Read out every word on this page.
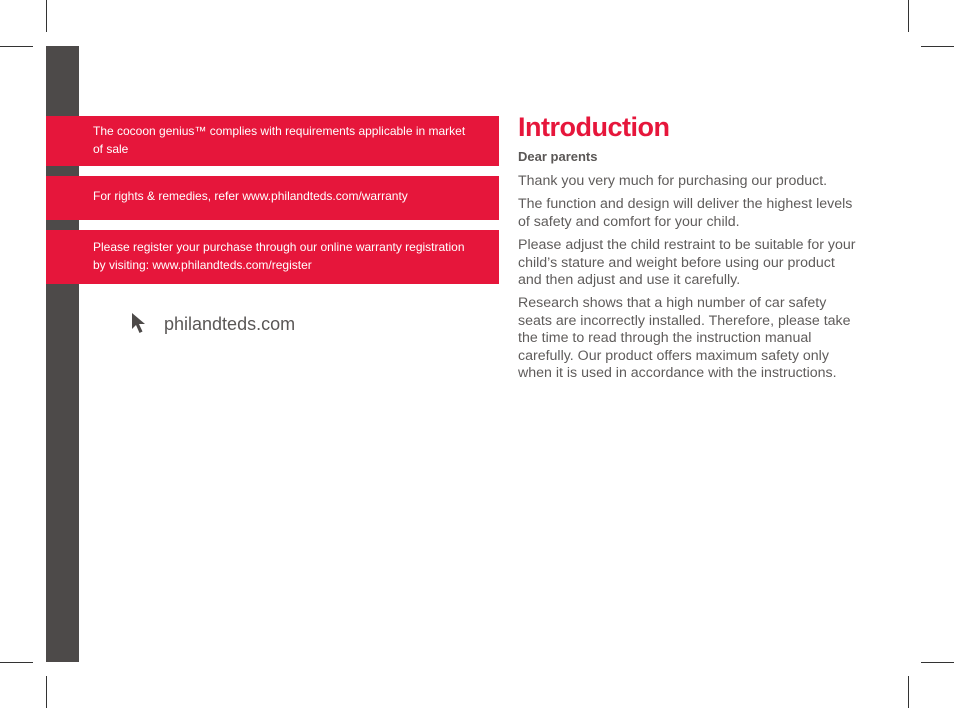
The cocoon genius™ complies with requirements applicable in market of sale
For rights & remedies, refer www.philandteds.com/warranty
Please register your purchase through our online warranty registration by visiting: www.philandteds.com/register
philandteds.com
Introduction
Dear parents

Thank you very much for purchasing our product.

The function and design will deliver the highest levels of safety and comfort for your child.

Please adjust the child restraint to be suitable for your child’s stature and weight before using our product and then adjust and use it carefully.

Research shows that a high number of car safety seats are incorrectly installed. Therefore, please take the time to read through the instruction manual carefully. Our product offers maximum safety only when it is used in accordance with the instructions.
